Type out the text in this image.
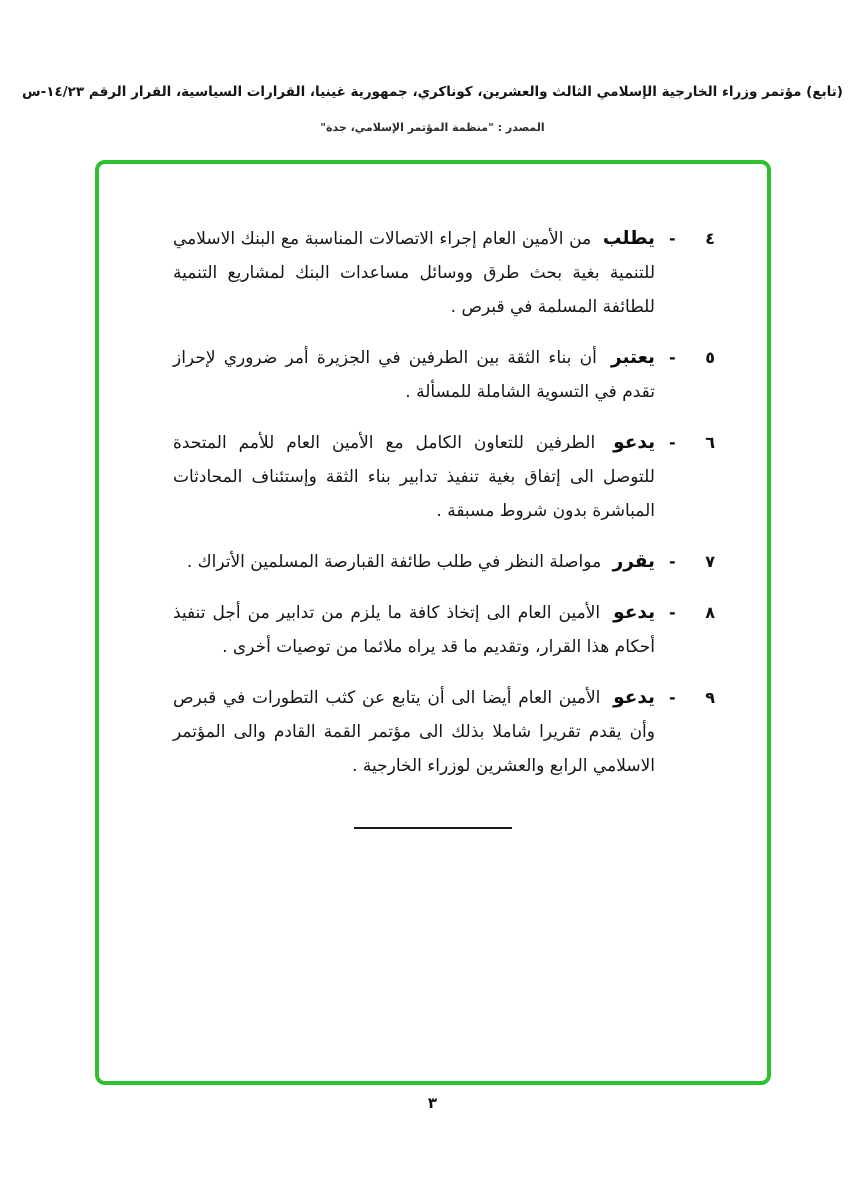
(تابع) مؤتمر وزراء الخارجية الإسلامي الثالث والعشرين، كوناكري، جمهورية غينيا، القرارات السياسية، القرار الرقم ١٤/٢٣-س
المصدر : "منظمة المؤتمر الإسلامي، جدة"
٤
-
يطلب من الأمين العام إجراء الاتصالات المناسبة مع البنك الاسلامي للتنمية بغية بحث طرق ووسائل مساعدات البنك لمشاريع التنمية للطائفة المسلمة في قبرص .
٥
-
يعتبر أن بناء الثقة بين الطرفين في الجزيرة أمر ضروري لإحراز تقدم في التسوية الشاملة للمسألة .
٦
-
يدعو الطرفين للتعاون الكامل مع الأمين العام للأمم المتحدة للتوصل الى إتفاق بغية تنفيذ تدابير بناء الثقة وإستئناف المحادثات المباشرة بدون شروط مسبقة .
٧
-
يقرر مواصلة النظر في طلب طائفة القبارصة المسلمين الأتراك .
٨
-
يدعو الأمين العام الى إتخاذ كافة ما يلزم من تدابير من أجل تنفيذ أحكام هذا القرار، وتقديم ما قد يراه ملائما من توصيات أخرى .
٩
-
يدعو الأمين العام أيضا الى أن يتابع عن كثب التطورات في قبرص وأن يقدم تقريرا شاملا بذلك الى مؤتمر القمة القادم والى المؤتمر الاسلامي الرابع والعشرين لوزراء الخارجية .
٣
